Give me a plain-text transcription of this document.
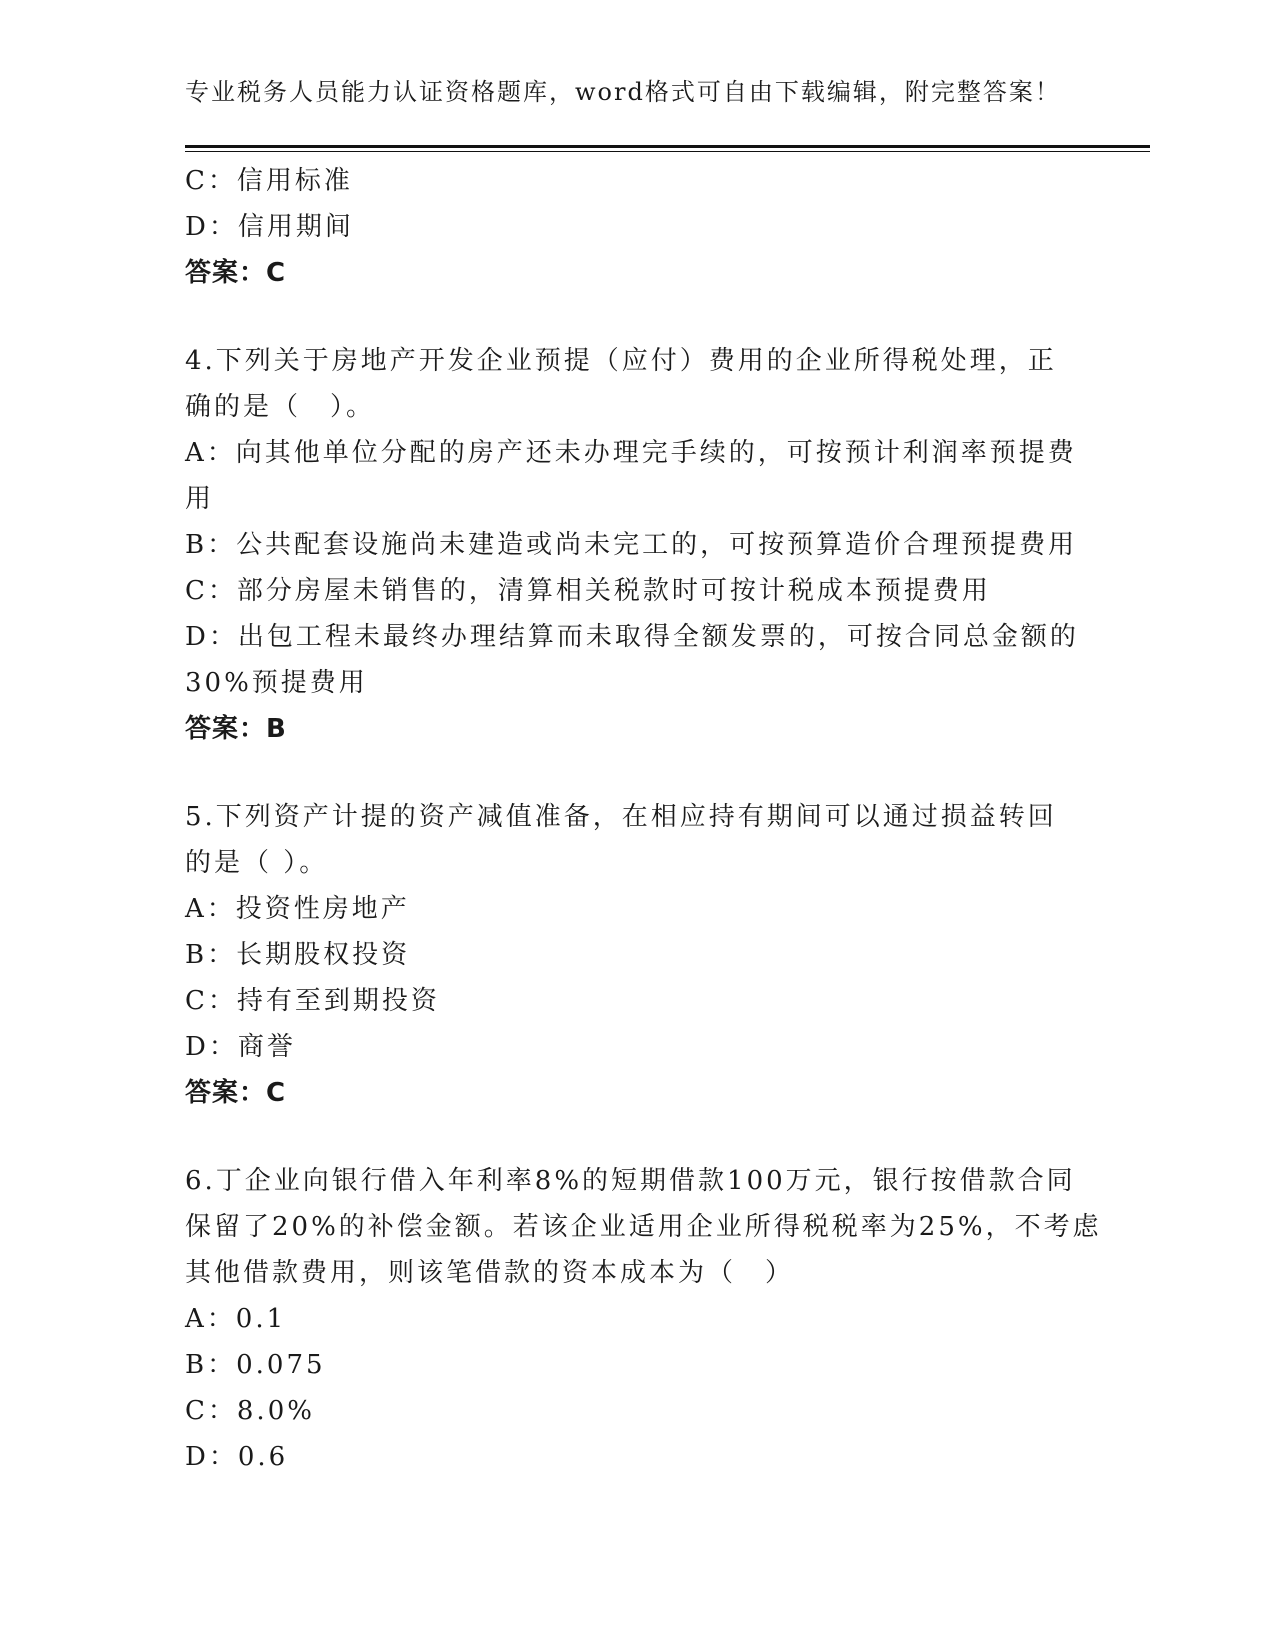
专业税务人员能力认证资格题库，word格式可自由下载编辑，附完整答案！
C：信用标准
D：信用期间
答案：C
4.下列关于房地产开发企业预提（应付）费用的企业所得税处理，正
确的是（　）。
A：向其他单位分配的房产还未办理完手续的，可按预计利润率预提费
用
B：公共配套设施尚未建造或尚未完工的，可按预算造价合理预提费用
C：部分房屋未销售的，清算相关税款时可按计税成本预提费用
D：出包工程未最终办理结算而未取得全额发票的，可按合同总金额的
30%预提费用
答案：B
5.下列资产计提的资产减值准备，在相应持有期间可以通过损益转回
的是（ ）。
A：投资性房地产
B：长期股权投资
C：持有至到期投资
D：商誉
答案：C
6.丁企业向银行借入年利率8%的短期借款100万元，银行按借款合同
保留了20%的补偿金额。若该企业适用企业所得税税率为25%，不考虑
其他借款费用，则该笔借款的资本成本为（　）
A：0.1
B：0.075
C：8.0%
D：0.6
